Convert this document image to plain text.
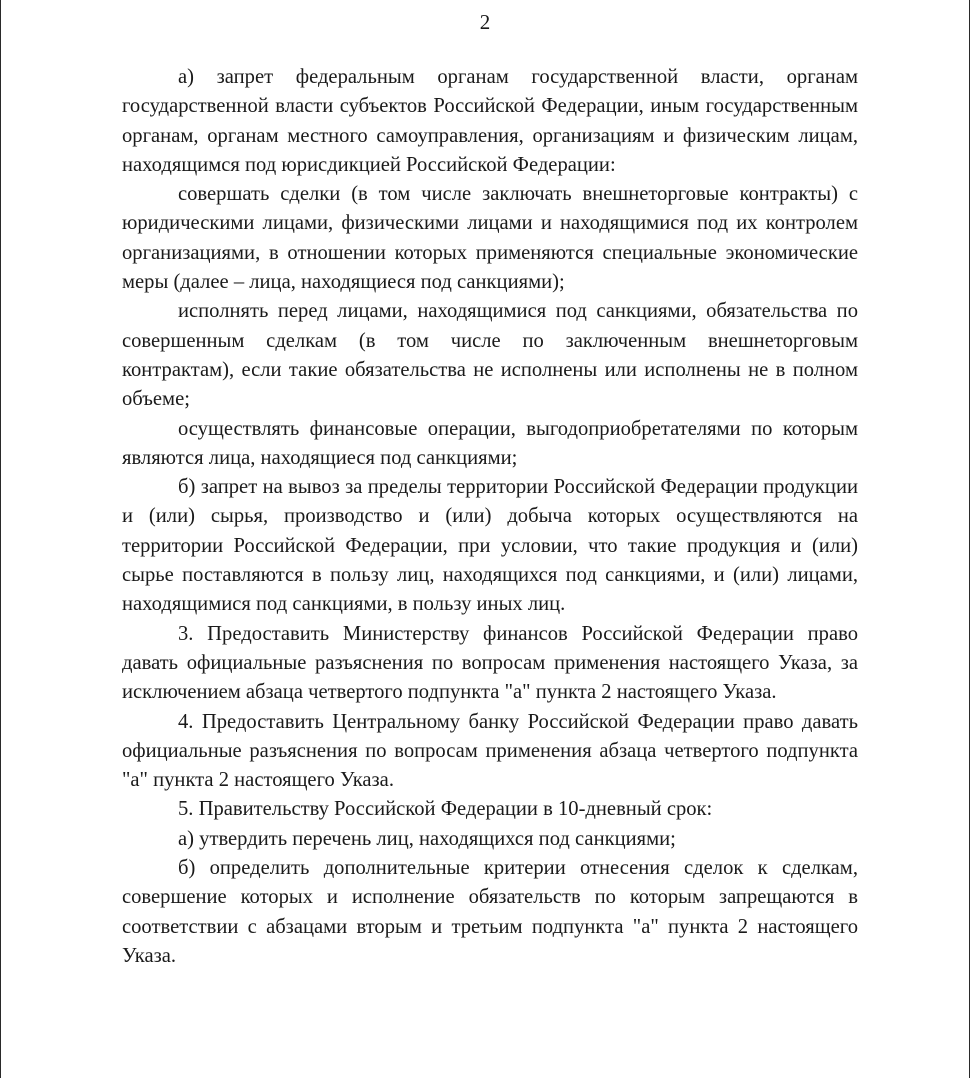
2

а) запрет федеральным органам государственной власти, органам государственной власти субъектов Российской Федерации, иным государственным органам, органам местного самоуправления, организациям и физическим лицам, находящимся под юрисдикцией Российской Федерации:

совершать сделки (в том числе заключать внешнеторговые контракты) с юридическими лицами, физическими лицами и находящимися под их контролем организациями, в отношении которых применяются специальные экономические меры (далее – лица, находящиеся под санкциями);

исполнять перед лицами, находящимися под санкциями, обязательства по совершенным сделкам (в том числе по заключенным внешнеторговым контрактам), если такие обязательства не исполнены или исполнены не в полном объеме;

осуществлять финансовые операции, выгодоприобретателями по которым являются лица, находящиеся под санкциями;

б) запрет на вывоз за пределы территории Российской Федерации продукции и (или) сырья, производство и (или) добыча которых осуществляются на территории Российской Федерации, при условии, что такие продукция и (или) сырье поставляются в пользу лиц, находящихся под санкциями, и (или) лицами, находящимися под санкциями, в пользу иных лиц.

3. Предоставить Министерству финансов Российской Федерации право давать официальные разъяснения по вопросам применения настоящего Указа, за исключением абзаца четвертого подпункта "а" пункта 2 настоящего Указа.

4. Предоставить Центральному банку Российской Федерации право давать официальные разъяснения по вопросам применения абзаца четвертого подпункта "а" пункта 2 настоящего Указа.

5. Правительству Российской Федерации в 10-дневный срок:

а) утвердить перечень лиц, находящихся под санкциями;

б) определить дополнительные критерии отнесения сделок к сделкам, совершение которых и исполнение обязательств по которым запрещаются в соответствии с абзацами вторым и третьим подпункта "а" пункта 2 настоящего Указа.
